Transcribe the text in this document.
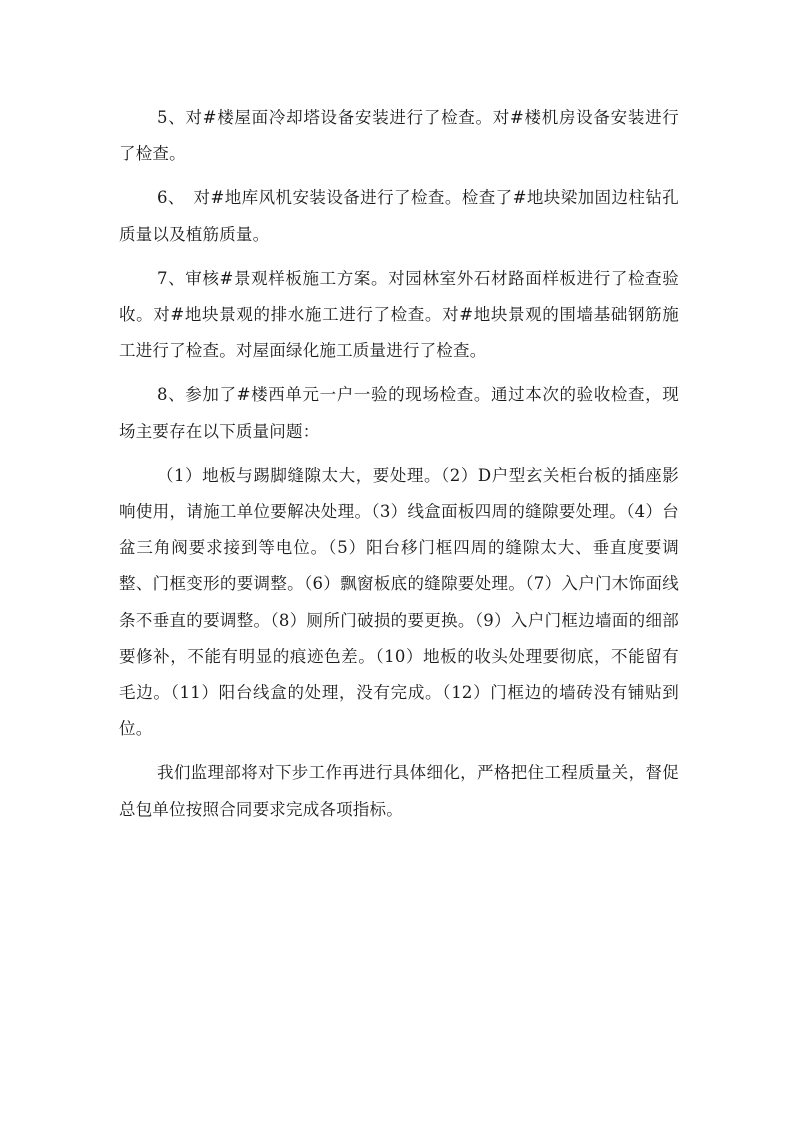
5、对#楼屋面冷却塔设备安装进行了检查。对#楼机房设备安装进行了检查。

6、　对#地库风机安装设备进行了检查。检查了#地块梁加固边柱钻孔质量以及植筋质量。

7、审核#景观样板施工方案。对园林室外石材路面样板进行了检查验收。对#地块景观的排水施工进行了检查。对#地块景观的围墙基础钢筋施工进行了检查。对屋面绿化施工质量进行了检查。

8、参加了#楼西单元一户一验的现场检查。通过本次的验收检查，现场主要存在以下质量问题：

（1）地板与踢脚缝隙太大，要处理。（2）D户型玄关柜台板的插座影响使用，请施工单位要解决处理。（3）线盒面板四周的缝隙要处理。（4）台盆三角阀要求接到等电位。（5）阳台移门框四周的缝隙太大、垂直度要调整、门框变形的要调整。（6）飘窗板底的缝隙要处理。（7）入户门木饰面线条不垂直的要调整。（8）厕所门破损的要更换。（9）入户门框边墙面的细部要修补，不能有明显的痕迹色差。（10）地板的收头处理要彻底，不能留有毛边。（11）阳台线盒的处理，没有完成。（12）门框边的墙砖没有铺贴到位。

我们监理部将对下步工作再进行具体细化，严格把住工程质量关，督促总包单位按照合同要求完成各项指标。
